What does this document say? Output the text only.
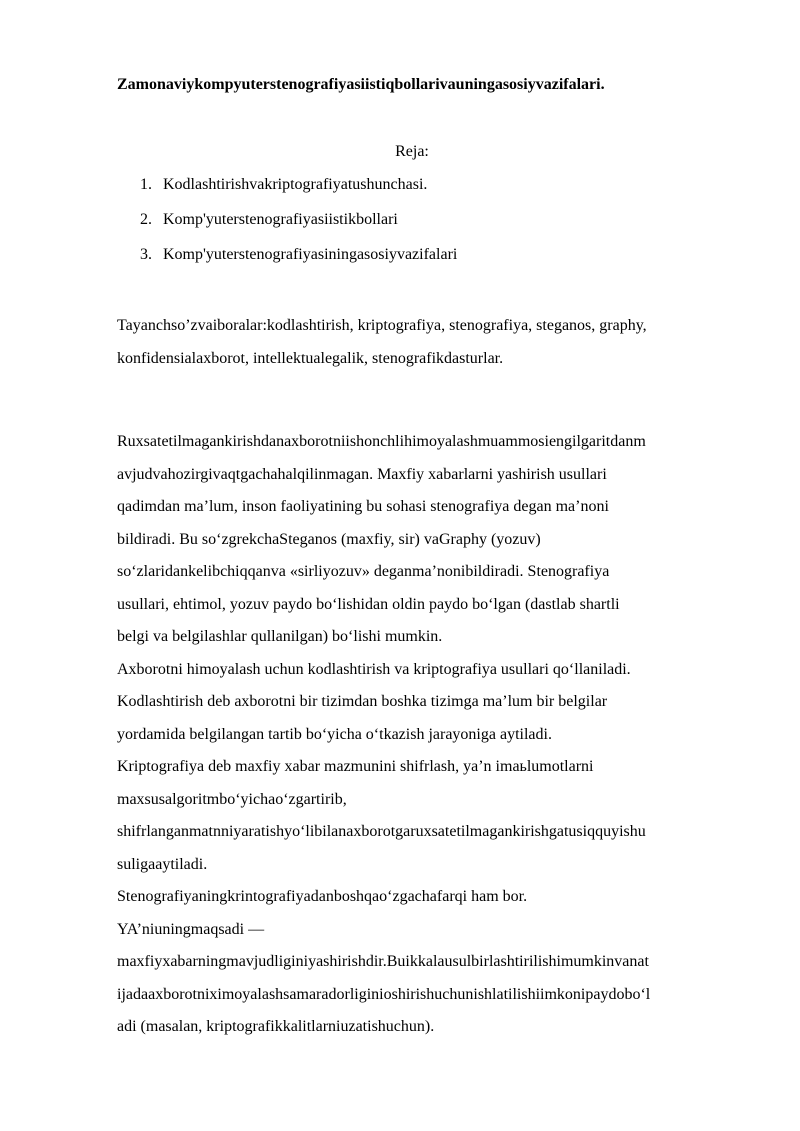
Zamonaviykompyuterstenografiyasiistiqbollarivauningasosiyvazifalari.
Reja:
1. Kodlashtirishvakriptografiyatushunchasi.
2. Komp'yuterstenografiyasiistikbollari
3. Komp'yuterstenografiyasiningasosiyvazifalari
Tayanchso’zvaiboralar:kodlashtirish, kriptografiya, stenografiya, steganos, graphy,
konfidensialaxborot, intellektualegalik, stenografikdasturlar.
Ruxsatetilmagankirishdanaxborotniishonchlihimoyalashmuammosiengilgaritdanm
avjudvahozirgivaqtgachahalqilinmagan. Maxfiy xabarlarni yashirish usullari
qadimdan ma’lum, inson faoliyatining bu sohasi stenografiya degan ma’noni
bildiradi. Bu so‘zgrekchaSteganos (maxfiy, sir) vaGraphy (yozuv)
so‘zlaridankelibchiqqanva «sirliyozuv» deganma’nonibildiradi. Stenografiya
usullari, ehtimol, yozuv paydo bo‘lishidan oldin paydo bo‘lgan (dastlab shartli
belgi va belgilashlar qullanilgan) bo‘lishi mumkin.
Axborotni himoyalash uchun kodlashtirish va kriptografiya usullari qo‘llaniladi.
Kodlashtirish deb axborotni bir tizimdan boshka tizimga ma’lum bir belgilar
yordamida belgilangan tartib bo‘yicha o‘tkazish jarayoniga aytiladi.
Kriptografiya deb maxfiy xabar mazmunini shifrlash, ya’n imaьlumotlarni
maxsusalgoritmbo‘yichao‘zgartirib,
shifrlanganmatnniyaratishyo‘libilanaxborotgaruxsatetilmagankirishgatusiqquyishu
suligaaytiladi.
Stenografiyaningkrintografiyadanboshqao‘zgachafarqi ham bor.
YA’niuningmaqsadi —
maxfiyxabarningmavjudliginiyashirishdir.Buikkalausulbirlashtirilishimumkinvanat
ijadaaxborotniximoyalashsamaradorliginioshirishuchunishlatilishiimkonipaydobo‘l
adi (masalan, kriptografikkalitlarniuzatishuchun).
